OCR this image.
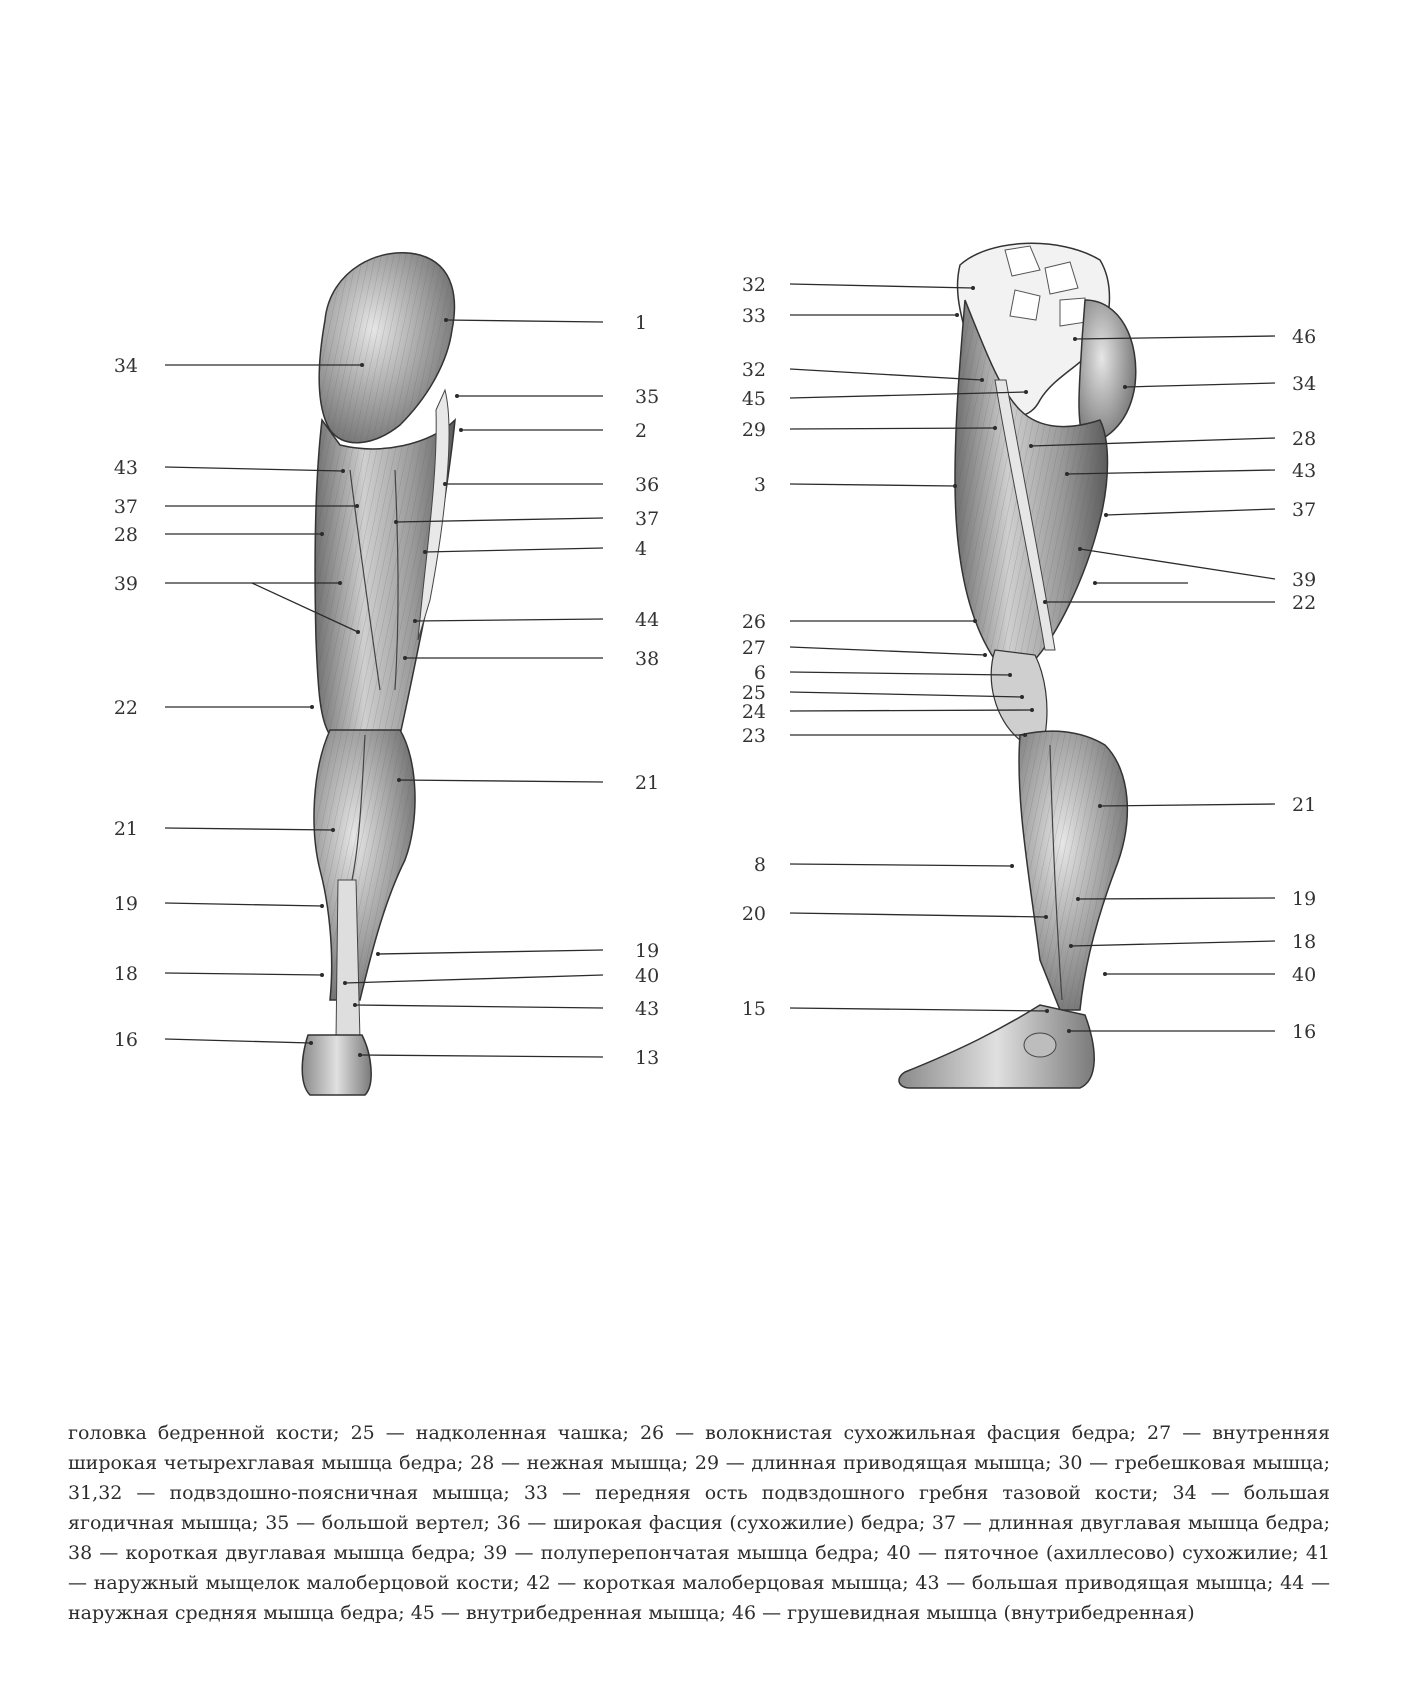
34
43
37
28
39
22
21
19
18
16
1
35
2
36
37
4
44
38
21
19
40
43
13
32
33
32
45
29
3
26
27
6
25
24
23
8
20
15
46
34
28
43
37
39
22
21
19
18
40
16

головка бедренной кости; 25 — надколенная чашка; 26 — волокнистая сухожильная фасция бедра; 27 — внутренняя широкая четырехглавая мышца бедра; 28 — нежная мышца; 29 — длинная приводящая мышца; 30 — гребешковая мышца; 31,32 — подвздошно-поясничная мышца; 33 — передняя ость подвздошного гребня тазовой кости; 34 — большая ягодичная мышца; 35 — большой вертел; 36 — широкая фасция (сухожилие) бедра; 37 — длинная двуглавая мышца бедра; 38 — короткая двуглавая мышца бедра; 39 — полуперепончатая мышца бедра; 40 — пяточное (ахиллесово) сухожилие; 41 — наружный мыщелок малоберцовой кости; 42 — короткая малоберцовая мышца; 43 — большая приводящая мышца; 44 — наружная средняя мышца бедра; 45 — внутрибедренная мышца; 46 — грушевидная мышца (внутрибедренная)
